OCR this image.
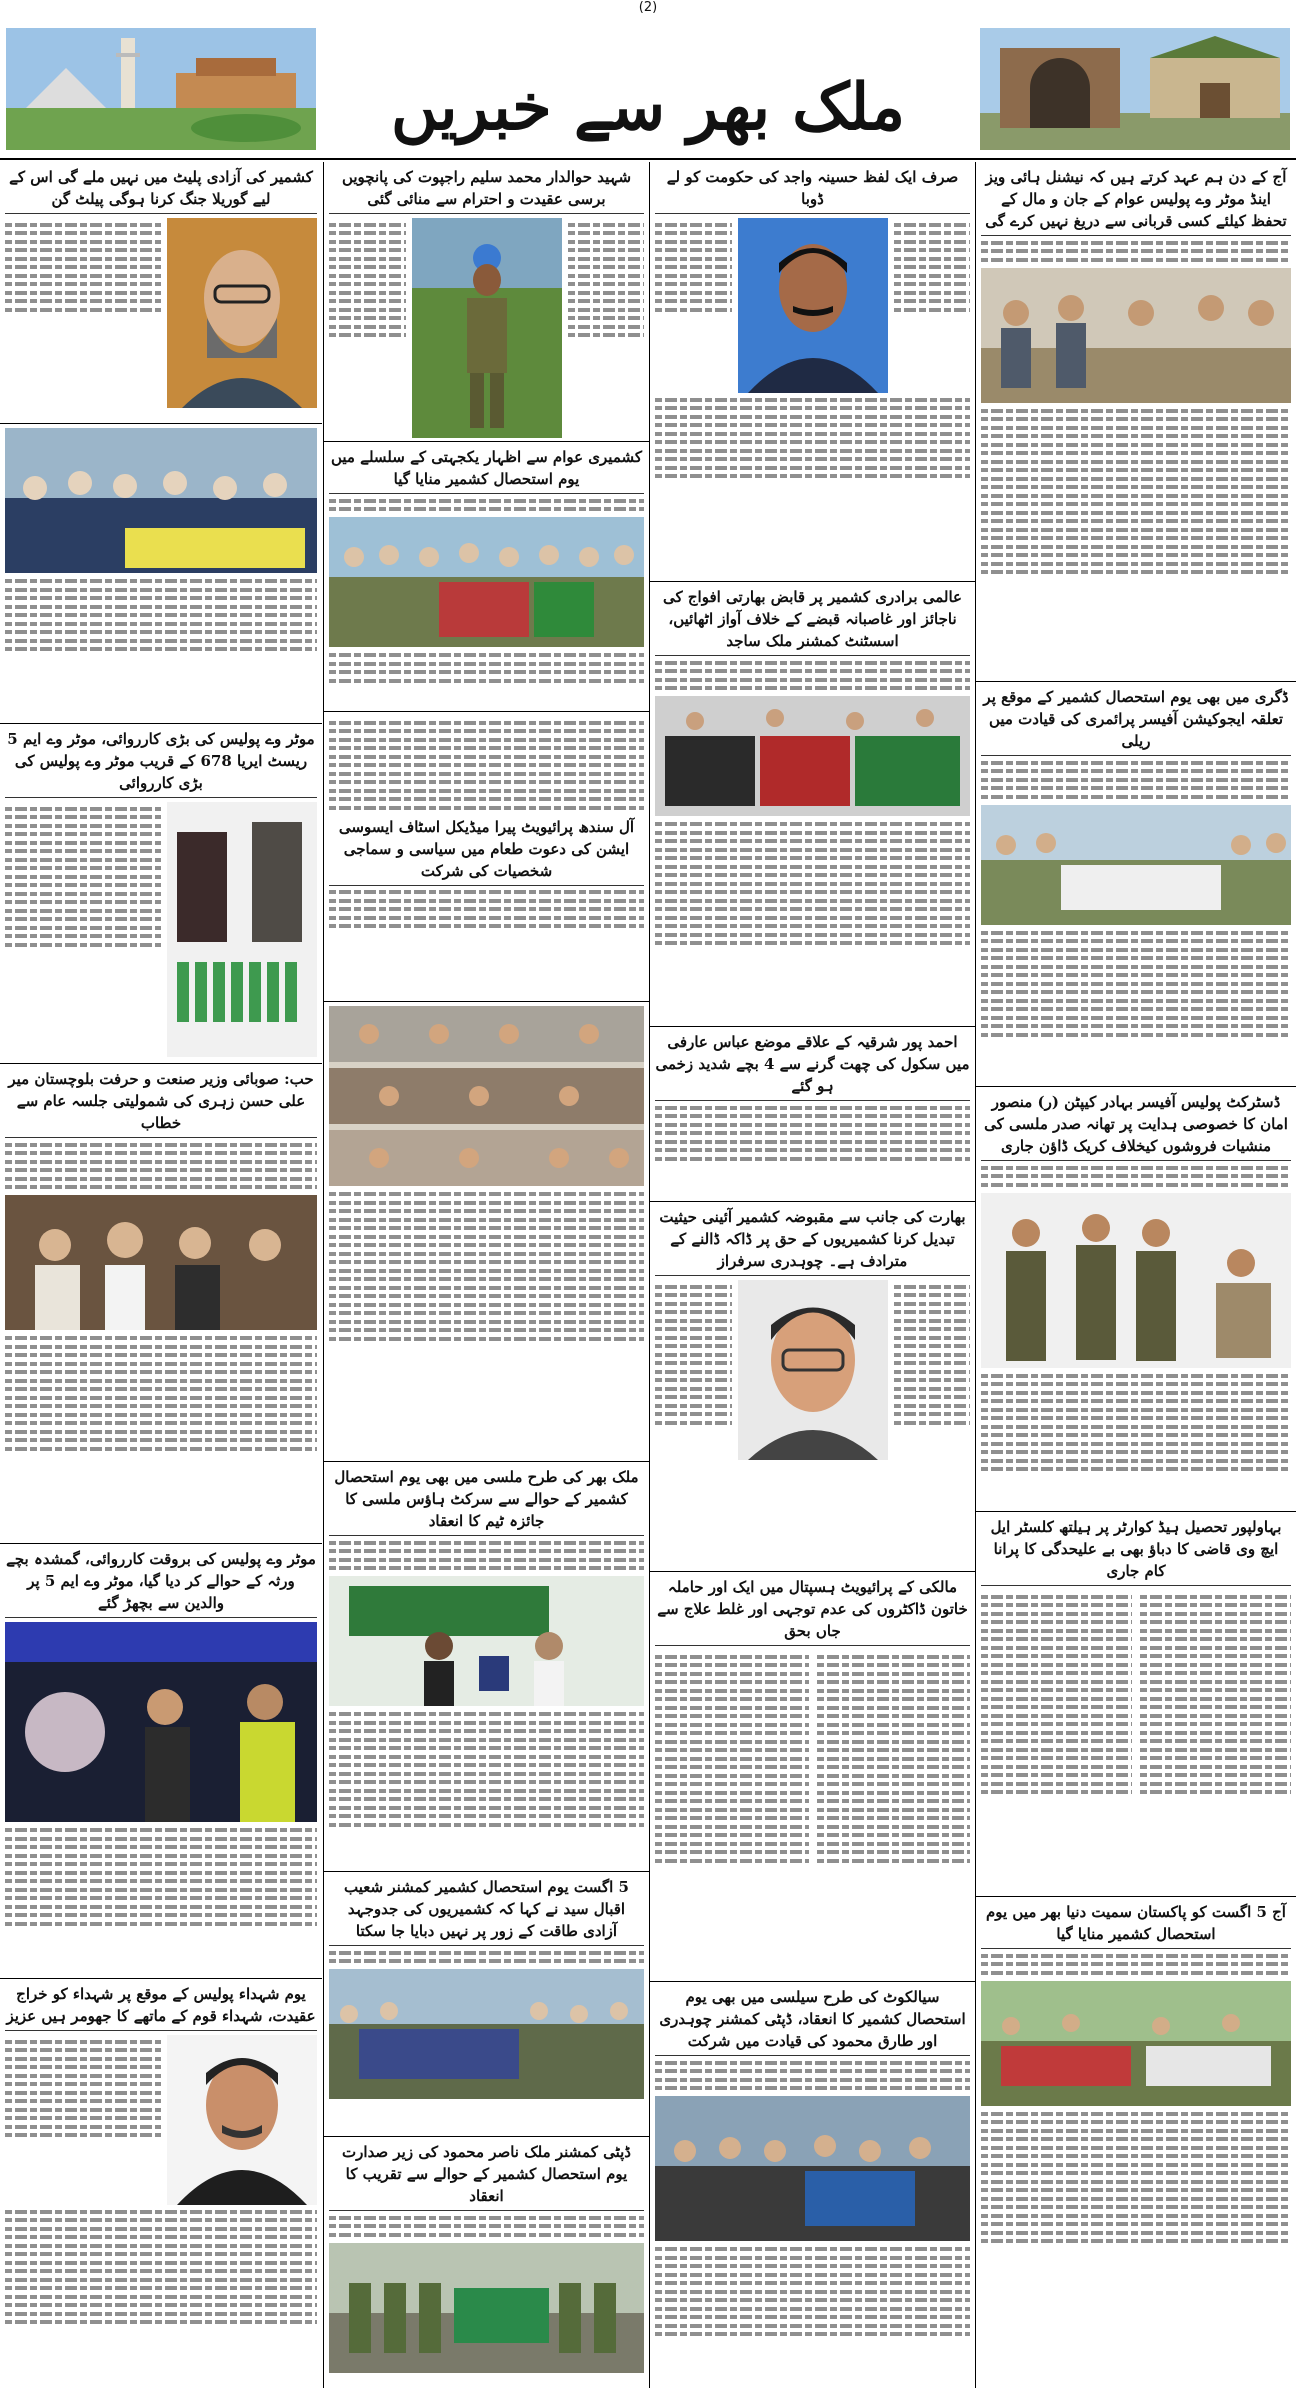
(2)
ملک بھر سے خبریں
کشمیر کی آزادی پلیٹ میں نہیں ملے گی اس کے لیے گوریلا جنگ کرنا ہوگی پیلٹ گن
موٹر وے پولیس کی بڑی کارروائی، موٹر وے ایم 5 ریسٹ ایریا 678 کے قریب موٹر وے پولیس کی بڑی کارروائی
حب: صوبائی وزیر صنعت و حرفت بلوچستان میر علی حسن زہری کی شمولیتی جلسہ عام سے خطاب
موٹر وے پولیس کی بروقت کارروائی، گمشدہ بچے ورثہ کے حوالے کر دیا گیا، موٹر وے ایم 5 پر والدین سے بچھڑ گئے
یوم شہداء پولیس کے موقع پر شہداء کو خراج عقیدت، شہداء قوم کے ماتھے کا جھومر ہیں عزیز
شہید حوالدار محمد سلیم راجپوت کی پانچویں برسی عقیدت و احترام سے منائی گئی
کشمیری عوام سے اظہار یکجہتی کے سلسلے میں یوم استحصال کشمیر منایا گیا
آل سندھ پرائیویٹ پیرا میڈیکل اسٹاف ایسوسی ایشن کی دعوت طعام میں سیاسی و سماجی شخصیات کی شرکت
ملک بھر کی طرح ملسی میں بھی یوم استحصال کشمیر کے حوالے سے سرکٹ ہاؤس ملسی کا جائزہ ٹیم کا انعقاد
5 اگست یوم استحصال کشمیر کمشنر شعیب اقبال سید نے کہا کہ کشمیریوں کی جدوجہد آزادی طاقت کے زور پر نہیں دبایا جا سکتا
ڈپٹی کمشنر ملک ناصر محمود کی زیر صدارت یوم استحصال کشمیر کے حوالے سے تقریب کا انعقاد
صرف ایک لفظ حسینہ واجد کی حکومت کو لے ڈوبا
عالمی برادری کشمیر پر قابض بھارتی افواج کی ناجائز اور غاصبانہ قبضے کے خلاف آواز اٹھائیں، اسسٹنٹ کمشنر ملک ساجد
احمد پور شرقیہ کے علاقے موضع عباس عارفی میں سکول کی چھت گرنے سے 4 بچے شدید زخمی ہو گئے
بھارت کی جانب سے مقبوضہ کشمیر آئینی حیثیت تبدیل کرنا کشمیریوں کے حق پر ڈاکہ ڈالنے کے مترادف ہے۔ چوہدری سرفراز
مالکی کے پرائیویٹ ہسپتال میں ایک اور حاملہ خاتون ڈاکٹروں کی عدم توجہی اور غلط علاج سے جاں بحق
سیالکوٹ کی طرح سیلسی میں بھی یوم استحصال کشمیر کا انعقاد، ڈپٹی کمشنر چوہدری اور طارق محمود کی قیادت میں شرکت
آج کے دن ہم عہد کرتے ہیں کہ نیشنل ہائی ویز اینڈ موٹر وے پولیس عوام کے جان و مال کے تحفظ کیلئے کسی قربانی سے دریغ نہیں کرے گی
ڈگری میں بھی یوم استحصال کشمیر کے موقع پر تعلقہ ایجوکیشن آفیسر پرائمری کی قیادت میں ریلی
ڈسٹرکٹ پولیس آفیسر بہادر کیپٹن (ر) منصور امان کا خصوصی ہدایت پر تھانہ صدر ملسی کی منشیات فروشوں کیخلاف کریک ڈاؤن جاری
بہاولپور تحصیل ہیڈ کوارٹر پر ہیلتھ کلسٹر ایل ایچ وی قاضی کا دباؤ بھی بے علیحدگی کا پرانا کام جاری
آج 5 اگست کو پاکستان سمیت دنیا بھر میں یوم استحصال کشمیر منایا گیا
